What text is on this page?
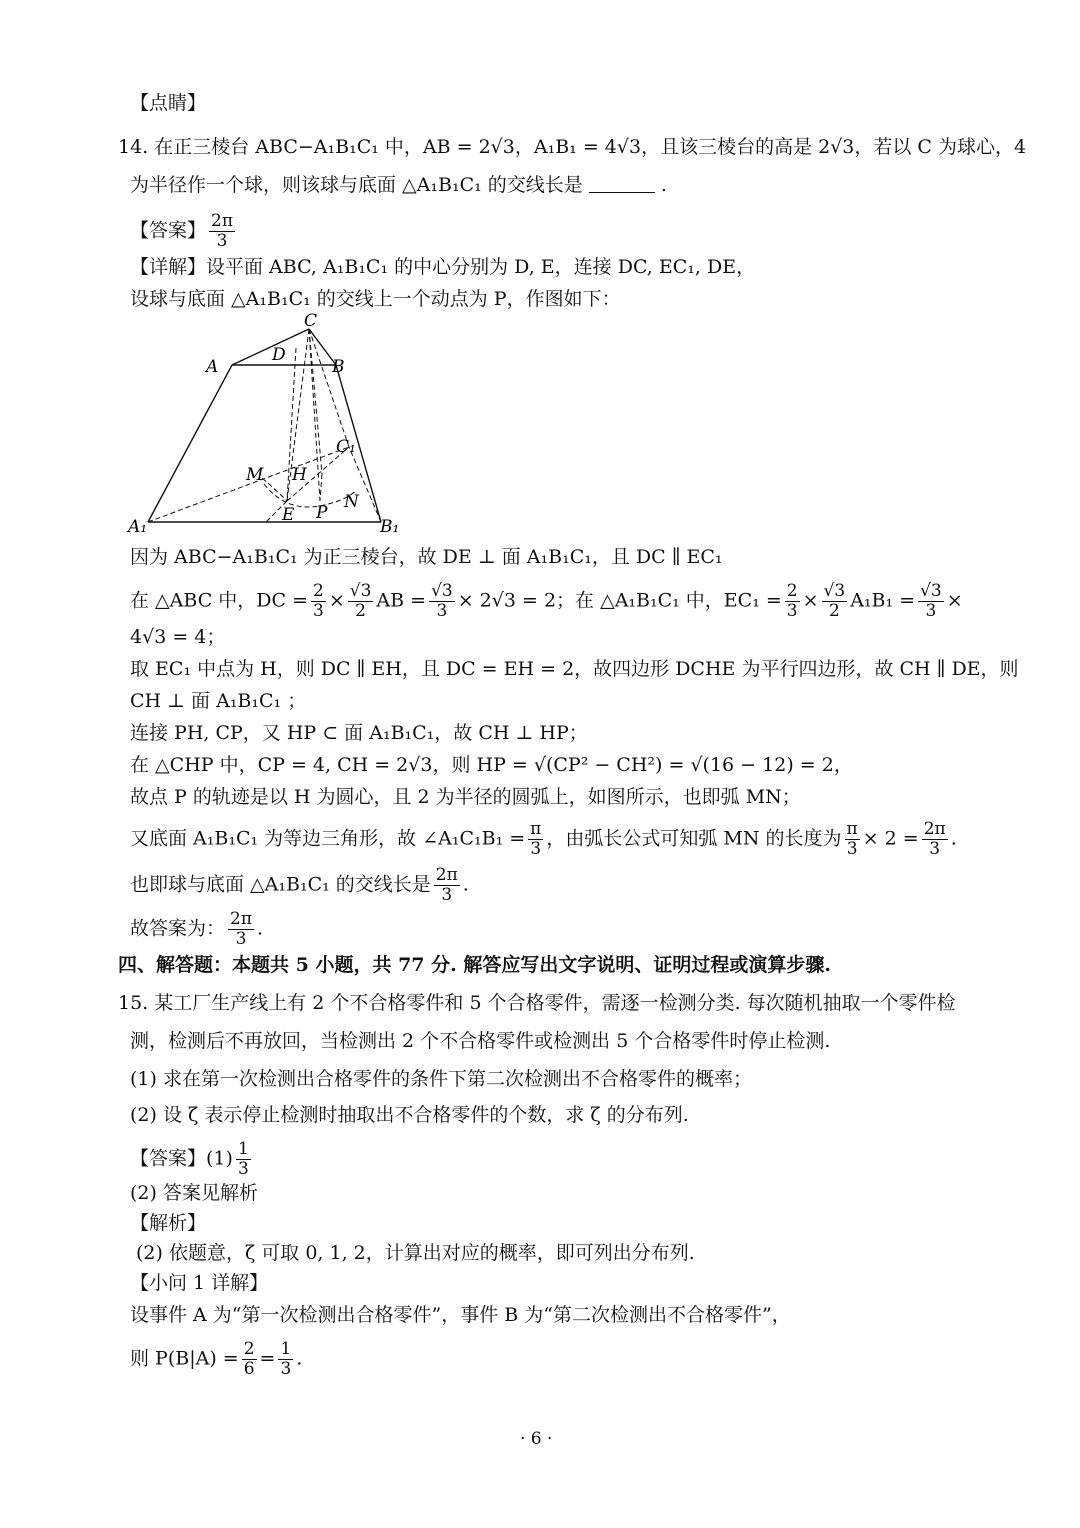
【点睛】
14. 在正三棱台 ABC−A₁B₁C₁ 中，AB = 2√3，A₁B₁ = 4√3，且该三棱台的高是 2√3，若以 C 为球心，4
为半径作一个球，则该球与底面 △A₁B₁C₁ 的交线长是	.
【答案】 $\frac{2\pi}{3}$
【详解】设平面 ABC, A₁B₁C₁ 的中心分别为 D, E，连接 DC, EC₁, DE，
设球与底面 △A₁B₁C₁ 的交线上一个动点为 P，作图如下：
C
D
A	B
C₁
M H
N
E P
A₁	B₁
因为 ABC−A₁B₁C₁ 为正三棱台，故 DE ⊥ 面 A₁B₁C₁，且 DC ∥ EC₁
在 △ABC 中，DC = $\frac{2}{3} \times \frac{√3}{2}$ AB = $\frac{√3}{3} \times 2√3 = 2$；在 △A₁B₁C₁ 中，$EC_1 = \frac{2}{3} \times \frac{√3}{2} A_1B_1 = \frac{√3}{3}$ ×
4√3 = 4；
取 EC₁ 中点为 H，则 DC ∥ EH，且 DC = EH = 2，故四边形 DCHE 为平行四边形，故 CH ∥ DE，则
CH ⊥ 面 A₁B₁C₁ ；
连接 PH, CP，又 HP ⊂ 面 A₁B₁C₁，故 CH ⊥ HP；
在 △CHP 中，CP = 4, CH = 2√3，则 HP = √(CP² − CH²) = √(16 − 12) = 2，
故点 P 的轨迹是以 H 为圆心，且 2 为半径的圆弧上，如图所示，也即弧 MN；
又底面 A₁B₁C₁ 为等边三角形，故 ∠A₁C₁B₁ = $\frac{\pi}{3}$ ，由弧长公式可知弧 MN 的长度为 $\frac{\pi}{3} \times 2 = \frac{2\pi}{3}$ .
也即球与底面 △A₁B₁C₁ 的交线长是 $\frac{2\pi}{3}$ .
故答案为： $\frac{2\pi}{3}$ .
四、解答题：本题共 5 小题，共 77 分. 解答应写出文字说明、证明过程或演算步骤.
15. 某工厂生产线上有 2 个不合格零件和 5 个合格零件，需逐一检测分类. 每次随机抽取一个零件检
测，检测后不再放回，当检测出 2 个不合格零件或检测出 5 个合格零件时停止检测.
(1) 求在第一次检测出合格零件的条件下第二次检测出不合格零件的概率；
(2) 设 ζ 表示停止检测时抽取出不合格零件的个数，求 ζ 的分布列.
【答案】$(1) \frac{1}{3}$
(2) 答案见解析
【解析】
(2) 依题意，ζ 可取 0, 1, 2，计算出对应的概率，即可列出分布列.
【小问 1 详解】
设事件 A 为“第一次检测出合格零件”，事件 B 为“第二次检测出不合格零件”，
则 $P(B|A) = \frac{2}{6} = \frac{1}{3}$ .
· 6 ·
